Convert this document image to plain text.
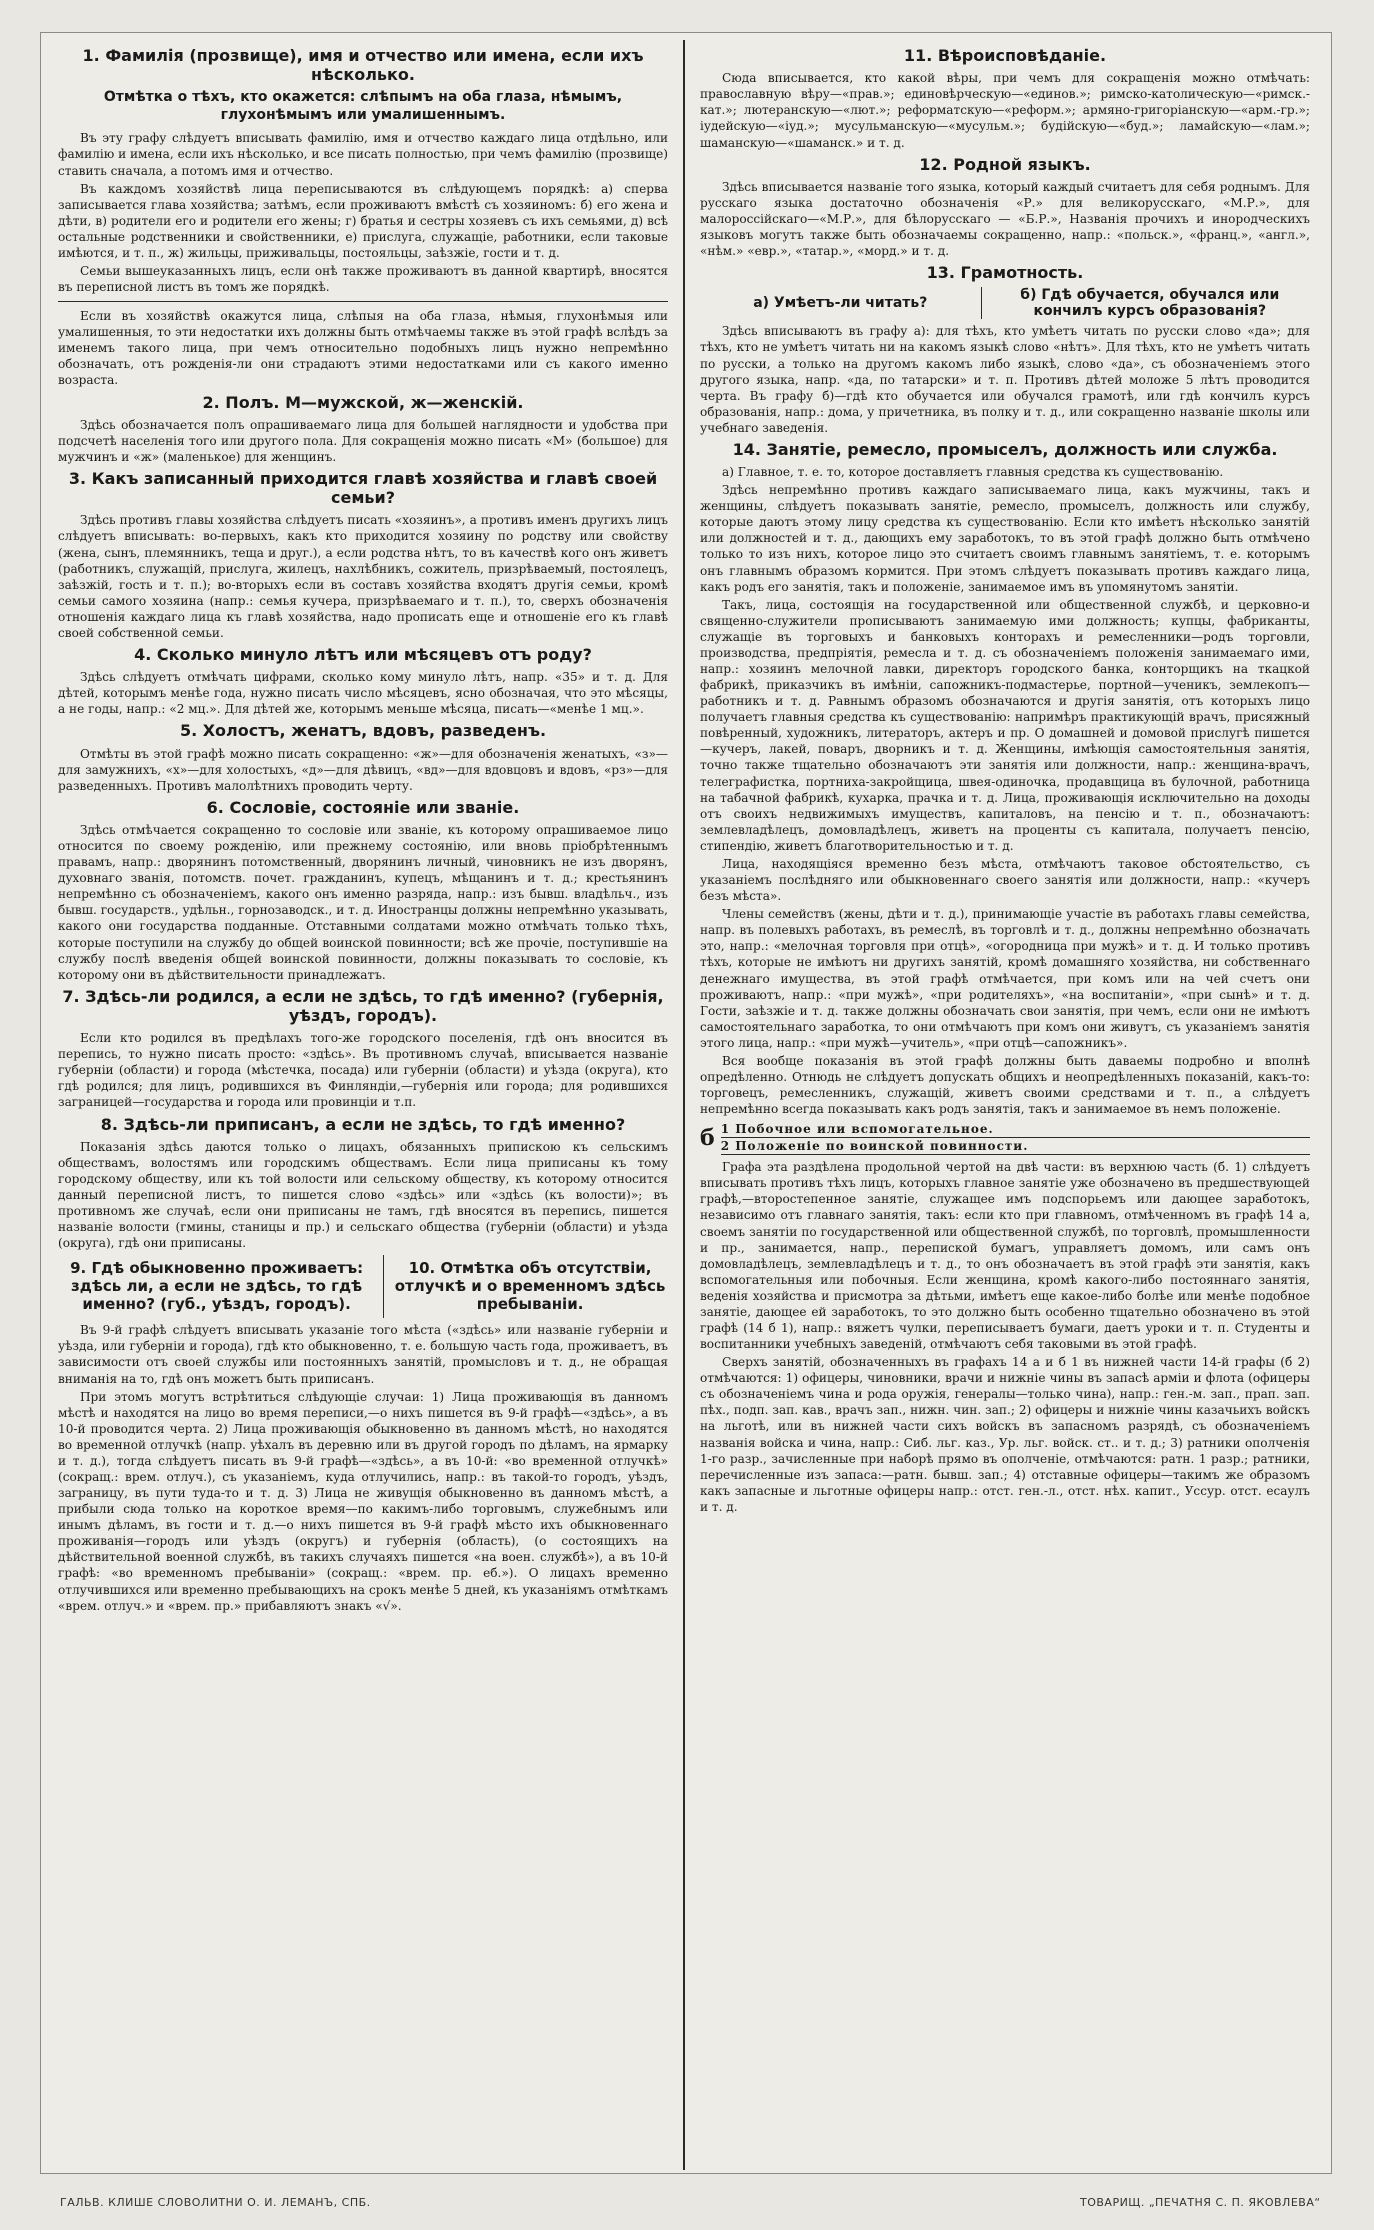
1. Фамилія (прозвище), имя и отчество или имена, если ихъ нѣсколько.
Отмѣтка о тѣхъ, кто окажется: слѣпымъ на оба глаза, нѣмымъ, глухонѣмымъ или умалишеннымъ.

Въ эту графу слѣдуетъ вписывать фамилію, имя и отчество каждаго лица отдѣльно, или фамилію и имена, если ихъ нѣсколько, и все писать полностью, при чемъ фамилію (прозвище) ставить сначала, а потомъ имя и отчество.

Въ каждомъ хозяйствѣ лица переписываются въ слѣдующемъ порядкѣ: а) сперва записывается глава хозяйства; затѣмъ, если проживаютъ вмѣстѣ съ хозяиномъ: б) его жена и дѣти, в) родители его и родители его жены; г) братья и сестры хозяевъ съ ихъ семьями, д) всѣ остальные родственники и свойственники, е) прислуга, служащіе, работники, если таковые имѣются, и т. п., ж) жильцы, приживальцы, постояльцы, заѣзжіе, гости и т. д.

Семьи вышеуказанныхъ лицъ, если онѣ также проживаютъ въ данной квартирѣ, вносятся въ переписной листъ въ томъ же порядкѣ.

Если въ хозяйствѣ окажутся лица, слѣпыя на оба глаза, нѣмыя, глухонѣмыя или умалишенныя, то эти недостатки ихъ должны быть отмѣчаемы также въ этой графѣ вслѣдъ за именемъ такого лица, при чемъ относительно подобныхъ лицъ нужно непремѣнно обозначать, отъ рожденія-ли они страдаютъ этими недостатками или съ какого именно возраста.

2. Полъ. М—мужской, ж—женскій.

Здѣсь обозначается полъ опрашиваемаго лица для большей наглядности и удобства при подсчетѣ населенія того или другого пола. Для сокращенія можно писать «М» (большое) для мужчинъ и «ж» (маленькое) для женщинъ.

3. Какъ записанный приходится главѣ хозяйства и главѣ своей семьи?

Здѣсь противъ главы хозяйства слѣдуетъ писать «хозяинъ», а противъ именъ другихъ лицъ слѣдуетъ вписывать: во-первыхъ, какъ кто приходится хозяину по родству или свойству (жена, сынъ, племянникъ, теща и друг.), а если родства нѣтъ, то въ качествѣ кого онъ живетъ (работникъ, служащій, прислуга, жилецъ, нахлѣбникъ, сожитель, призрѣваемый, постоялецъ, заѣзжій, гость и т. п.); во-вторыхъ если въ составъ хозяйства входятъ другія семьи, кромѣ семьи самого хозяина (напр.: семья кучера, призрѣваемаго и т. п.), то, сверхъ обозначенія отношенія каждаго лица къ главѣ хозяйства, надо прописать еще и отношеніе его къ главѣ своей собственной семьи.

4. Сколько минуло лѣтъ или мѣсяцевъ отъ роду?

Здѣсь слѣдуетъ отмѣчать цифрами, сколько кому минуло лѣтъ, напр. «35» и т. д. Для дѣтей, которымъ менѣе года, нужно писать число мѣсяцевъ, ясно обозначая, что это мѣсяцы, а не годы, напр.: «2 мц.». Для дѣтей же, которымъ меньше мѣсяца, писать—«менѣе 1 мц.».

5. Холостъ, женатъ, вдовъ, разведенъ.

Отмѣты въ этой графѣ можно писать сокращенно: «ж»—для обозначенія женатыхъ, «з»—для замужнихъ, «х»—для холостыхъ, «д»—для дѣвицъ, «вд»—для вдовцовъ и вдовъ, «рз»—для разведенныхъ. Противъ малолѣтнихъ проводить черту.

6. Сословіе, состояніе или званіе.

Здѣсь отмѣчается сокращенно то сословіе или званіе, къ которому опрашиваемое лицо относится по своему рожденію, или прежнему состоянію, или вновь пріобрѣтеннымъ правамъ, напр.: дворянинъ потомственный, дворянинъ личный, чиновникъ не изъ дворянъ, духовнаго званія, потомств. почет. гражданинъ, купецъ, мѣщанинъ и т. д.; крестьянинъ непремѣнно съ обозначеніемъ, какого онъ именно разряда, напр.: изъ бывш. владѣльч., изъ бывш. государств., удѣльн., горнозаводск., и т. д. Иностранцы должны непремѣнно указывать, какого они государства подданные. Отставными солдатами можно отмѣчать только тѣхъ, которые поступили на службу до общей воинской повинности; всѣ же прочіе, поступившіе на службу послѣ введенія общей воинской повинности, должны показывать то сословіе, къ которому они въ дѣйствительности принадлежатъ.

7. Здѣсь-ли родился, а если не здѣсь, то гдѣ именно? (губернія, уѣздъ, городъ).

Если кто родился въ предѣлахъ того-же городского поселенія, гдѣ онъ вносится въ перепись, то нужно писать просто: «здѣсь». Въ противномъ случаѣ, вписывается названіе губерніи (области) и города (мѣстечка, посада) или губерніи (области) и уѣзда (округа), кто гдѣ родился; для лицъ, родившихся въ Финляндіи,—губернія или города; для родившихся заграницей—государства и города или провинціи и т.п.

8. Здѣсь-ли приписанъ, а если не здѣсь, то гдѣ именно?

Показанія здѣсь даются только о лицахъ, обязанныхъ припискою къ сельскимъ обществамъ, волостямъ или городскимъ обществамъ. Если лица приписаны къ тому городскому обществу, или къ той волости или сельскому обществу, къ которому относится данный переписной листъ, то пишется слово «здѣсь» или «здѣсь (къ волости)»; въ противномъ же случаѣ, если они приписаны не тамъ, гдѣ вносятся въ перепись, пишется названіе волости (гмины, станицы и пр.) и сельскаго общества (губерніи (области) и уѣзда (округа), гдѣ они приписаны.

9. Гдѣ обыкновенно проживаетъ: здѣсь ли, а если не здѣсь, то гдѣ именно? (губ., уѣздъ, городъ).
10. Отмѣтка объ отсутствіи, отлучкѣ и о временномъ здѣсь пребываніи.

Въ 9-й графѣ слѣдуетъ вписывать указаніе того мѣста («здѣсь» или названіе губерніи и уѣзда, или губерніи и города), гдѣ кто обыкновенно, т. е. большую часть года, проживаетъ, въ зависимости отъ своей службы или постоянныхъ занятій, промысловъ и т. д., не обращая вниманія на то, гдѣ онъ можетъ быть приписанъ.

При этомъ могутъ встрѣтиться слѣдующіе случаи: 1) Лица проживающія въ данномъ мѣстѣ и находятся на лицо во время переписи,—о нихъ пишется въ 9-й графѣ—«здѣсь», а въ 10-й проводится черта. 2) Лица проживающія обыкновенно въ данномъ мѣстѣ, но находятся во временной отлучкѣ (напр. уѣхалъ въ деревню или въ другой городъ по дѣламъ, на ярмарку и т. д.), тогда слѣдуетъ писать въ 9-й графѣ—«здѣсь», а въ 10-й: «во временной отлучкѣ» (сокращ.: врем. отлуч.), съ указаніемъ, куда отлучились, напр.: въ такой-то городъ, уѣздъ, заграницу, въ пути туда-то и т. д. 3) Лица не живущія обыкновенно въ данномъ мѣстѣ, а прибыли сюда только на короткое время—по какимъ-либо торговымъ, служебнымъ или инымъ дѣламъ, въ гости и т. д.—о нихъ пишется въ 9-й графѣ мѣсто ихъ обыкновеннаго проживанія—городъ или уѣздъ (округъ) и губернія (область), (о состоящихъ на дѣйствительной военной службѣ, въ такихъ случаяхъ пишется «на воен. службѣ»), а въ 10-й графѣ: «во временномъ пребываніи» (сокращ.: «врем. пр. еб.»). О лицахъ временно отлучившихся или временно пребывающихъ на срокъ менѣе 5 дней, къ указаніямъ отмѣткамъ «врем. отлуч.» и «врем. пр.» прибавляютъ знакъ «√».

11. Вѣроисповѣданіе.

Сюда вписывается, кто какой вѣры, при чемъ для сокращенія можно отмѣчать: православную вѣру—«прав.»; единовѣрческую—«единов.»; римско-католическую—«римск.-кат.»; лютеранскую—«лют.»; реформатскую—«реформ.»; армяно-григоріанскую—«арм.-гр.»; іудейскую—«іуд.»; мусульманскую—«мусульм.»; будійскую—«буд.»; ламайскую—«лам.»; шаманскую—«шаманск.» и т. д.

12. Родной языкъ.

Здѣсь вписывается названіе того языка, который каждый считаетъ для себя роднымъ. Для русскаго языка достаточно обозначенія «Р.» для великорусскаго, «М.Р.», для малороссійскаго—«М.Р.», для бѣлорусскаго — «Б.Р.», Названія прочихъ и инородческихъ языковъ могутъ также быть обозначаемы сокращенно, напр.: «польск.», «франц.», «англ.», «нѣм.» «евр.», «татар.», «морд.» и т. д.

13. Грамотность.
а) Умѣетъ-ли читать?	б) Гдѣ обучается, обучался или кончилъ курсъ образованія?

Здѣсь вписываютъ въ графу а): для тѣхъ, кто умѣетъ читать по русски слово «да»; для тѣхъ, кто не умѣетъ читать ни на какомъ языкѣ слово «нѣтъ». Для тѣхъ, кто не умѣетъ читать по русски, а только на другомъ какомъ либо языкѣ, слово «да», съ обозначеніемъ этого другого языка, напр. «да, по татарски» и т. п. Противъ дѣтей моложе 5 лѣтъ проводится черта. Въ графу б)—гдѣ кто обучается или обучался грамотѣ, или гдѣ кончилъ курсъ образованія, напр.: дома, у причетника, въ полку и т. д., или сокращенно названіе школы или учебнаго заведенія.

14. Занятіе, ремесло, промыселъ, должность или служба.

а) Главное, т. е. то, которое доставляетъ главныя средства къ существованію.

Здѣсь непремѣнно противъ каждаго записываемаго лица, какъ мужчины, такъ и женщины, слѣдуетъ показывать занятіе, ремесло, промыселъ, должность или службу, которые даютъ этому лицу средства къ существованію. Если кто имѣетъ нѣсколько занятій или должностей и т. д., дающихъ ему заработокъ, то въ этой графѣ должно быть отмѣчено только то изъ нихъ, которое лицо это считаетъ своимъ главнымъ занятіемъ, т. е. которымъ онъ главнымъ образомъ кормится. При этомъ слѣдуетъ показывать противъ каждаго лица, какъ родъ его занятія, такъ и положеніе, занимаемое имъ въ упомянутомъ занятіи.

Такъ, лица, состоящія на государственной или общественной службѣ, и церковно-и священно-служители прописываютъ занимаемую ими должность; купцы, фабриканты, служащіе въ торговыхъ и банковыхъ конторахъ и ремесленники—родъ торговли, производства, предпріятія, ремесла и т. д. съ обозначеніемъ положенія занимаемаго ими, напр.: хозяинъ мелочной лавки, директоръ городского банка, конторщикъ на ткацкой фабрикѣ, приказчикъ въ имѣніи, сапожникъ-подмастерье, портной—ученикъ, землекопъ—работникъ и т. д. Равнымъ образомъ обозначаются и другія занятія, отъ которыхъ лицо получаетъ главныя средства къ существованію: напримѣръ практикующій врачъ, присяжный повѣренный, художникъ, литераторъ, актеръ и пр. О домашней и домовой прислугѣ пишется—кучеръ, лакей, поваръ, дворникъ и т. д. Женщины, имѣющія самостоятельныя занятія, точно также тщательно обозначаютъ эти занятія или должности, напр.: женщина-врачъ, телеграфистка, портниха-закройщица, швея-одиночка, продавщица въ булочной, работница на табачной фабрикѣ, кухарка, прачка и т. д. Лица, проживающія исключительно на доходы отъ своихъ недвижимыхъ имуществъ, капиталовъ, на пенсію и т. п., обозначаютъ: землевладѣлецъ, домовладѣлецъ, живетъ на проценты съ капитала, получаетъ пенсію, стипендію, живетъ благотворительностью и т. д.

Лица, находящіяся временно безъ мѣста, отмѣчаютъ таковое обстоятельство, съ указаніемъ послѣдняго или обыкновеннаго своего занятія или должности, напр.: «кучеръ безъ мѣста».

Члены семействъ (жены, дѣти и т. д.), принимающіе участіе въ работахъ главы семейства, напр. въ полевыхъ работахъ, въ ремеслѣ, въ торговлѣ и т. д., должны непремѣнно обозначать это, напр.: «мелочная торговля при отцѣ», «огородница при мужѣ» и т. д. И только противъ тѣхъ, которые не имѣютъ ни другихъ занятій, кромѣ домашняго хозяйства, ни собственнаго денежнаго имущества, въ этой графѣ отмѣчается, при комъ или на чей счетъ они проживаютъ, напр.: «при мужѣ», «при родителяхъ», «на воспитаніи», «при сынѣ» и т. д. Гости, заѣзжіе и т. д. также должны обозначать свои занятія, при чемъ, если они не имѣютъ самостоятельнаго заработка, то они отмѣчаютъ при комъ они живутъ, съ указаніемъ занятія этого лица, напр.: «при мужѣ—учитель», «при отцѣ—сапожникъ».

Вся вообще показанія въ этой графѣ должны быть даваемы подробно и вполнѣ опредѣленно. Отнюдь не слѣдуетъ допускать общихъ и неопредѣленныхъ показаній, какъ-то: торговецъ, ремесленникъ, служащій, живетъ своими средствами и т. п., а слѣдуетъ непремѣнно всегда показывать какъ родъ занятія, такъ и занимаемое въ немъ положеніе.

б 1 Побочное или вспомогательное.
2 Положеніе по воинской повинности.

Графа эта раздѣлена продольной чертой на двѣ части: въ верхнюю часть (б. 1) слѣдуетъ вписывать противъ тѣхъ лицъ, которыхъ главное занятіе уже обозначено въ предшествующей графѣ,—второстепенное занятіе, служащее имъ подспорьемъ или дающее заработокъ, независимо отъ главнаго занятія, такъ: если кто при главномъ, отмѣченномъ въ графѣ 14 а, своемъ занятіи по государственной или общественной службѣ, по торговлѣ, промышленности и пр., занимается, напр., перепиской бумагъ, управляетъ домомъ, или самъ онъ домовладѣлецъ, землевладѣлецъ и т. д., то онъ обозначаетъ въ этой графѣ эти занятія, какъ вспомогательныя или побочныя. Если женщина, кромѣ какого-либо постояннаго занятія, веденія хозяйства и присмотра за дѣтьми, имѣетъ еще какое-либо болѣе или менѣе подобное занятіе, дающее ей заработокъ, то это должно быть особенно тщательно обозначено въ этой графѣ (14 б 1), напр.: вяжетъ чулки, переписываетъ бумаги, даетъ уроки и т. п. Студенты и воспитанники учебныхъ заведеній, отмѣчаютъ себя таковыми въ этой графѣ.

Сверхъ занятій, обозначенныхъ въ графахъ 14 а и б 1 въ нижней части 14-й графы (б 2) отмѣчаются: 1) офицеры, чиновники, врачи и нижніе чины въ запасѣ арміи и флота (офицеры съ обозначеніемъ чина и рода оружія, генералы—только чина), напр.: ген.-м. зап., прап. зап. пѣх., подп. зап. кав., врачъ зап., нижн. чин. зап.; 2) офицеры и нижніе чины казачьихъ войскъ на льготѣ, или въ нижней части сихъ войскъ въ запасномъ разрядѣ, съ обозначеніемъ названія войска и чина, напр.: Сиб. льг. каз., Ур. льг. войск. ст.. и т. д.; 3) ратники ополченія 1-го разр., зачисленные при наборѣ прямо въ ополченіе, отмѣчаются: ратн. 1 разр.; ратники, перечисленные изъ запаса:—ратн. бывш. зап.; 4) отставные офицеры—такимъ же образомъ какъ запасные и льготные офицеры напр.: отст. ген.-л., отст. нѣх. капит., Уссур. отст. есаулъ и т. д.

ГАЛЬВ. КЛИШЕ СЛОВОЛИТНИ О. И. ЛЕМАНЪ, СПБ.	ТОВАРИЩ. „ПЕЧАТНЯ С. П. ЯКОВЛЕВА“
